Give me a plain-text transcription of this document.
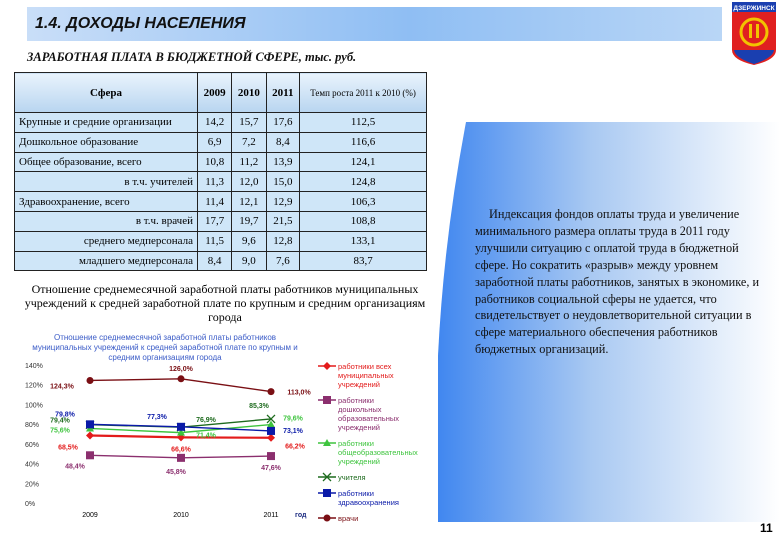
1.4. ДОХОДЫ НАСЕЛЕНИЯ
ДЗЕРЖИНСК
ЗАРАБОТНАЯ ПЛАТА В БЮДЖЕТНОЙ СФЕРЕ, тыс. руб.
Сфера	2009	2010	2011	Темп роста 2011 к 2010 (%)
Крупные и средние организации	14,2	15,7	17,6	112,5
Дошкольное образование	6,9	7,2	8,4	116,6
Общее образование, всего	10,8	11,2	13,9	124,1
в т.ч. учителей	11,3	12,0	15,0	124,8
Здравоохранение, всего	11,4	12,1	12,9	106,3
в т.ч. врачей	17,7	19,7	21,5	108,8
среднего медперсонала	11,5	9,6	12,8	133,1
младшего медперсонала	8,4	9,0	7,6	83,7
Отношение среднемесячной заработной платы работников муниципальных учреждений к средней заработной плате по крупным и средним организациям города
Отношение среднемесячной заработной платы работников
муниципальных учреждений к средней заработной плате по крупным и
средним организациям города
0%
20%
40%
60%
80%
100%
120%
140%
2009	2010	2011 год
68,5%	66,6%	66,2%
работники всех
муниципальных
учреждений
48,4%
45,8%
47,6%
работники
дошкольных
образовательных
учреждений
75,6%
71,4%
79,6%
работники
общеобразовательных
учреждений
79,4%	76,9%
85,3%
учителя
79,8%	77,3%
73,1%
работники
здравоохранения
124,3%
126,0%
113,0%
врачи
Индексация фондов оплаты труда и увеличение минимального размера оплаты труда в 2011 году улучшили ситуацию с оплатой труда в бюджетной сфере. Но сократить «разрыв» между уровнем заработной платы работников, занятых в экономике, и работников социальной сферы не удается, что свидетельствует о неудовлетворительной ситуации в сфере материального обеспечения работников бюджетных организаций.
11
